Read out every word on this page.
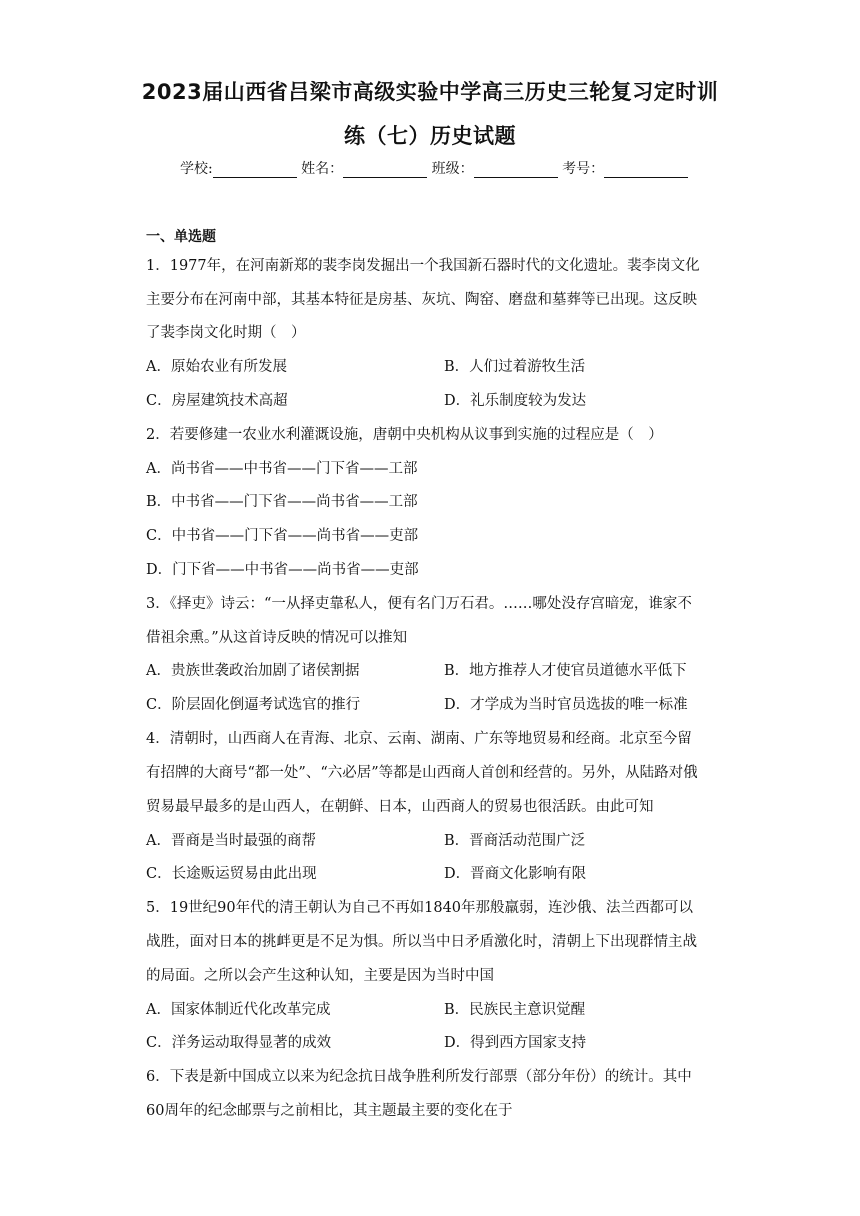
2023届山西省吕梁市高级实验中学高三历史三轮复习定时训
练（七）历史试题
学校:	姓名：	班级：	考号：
一、单选题
1．1977年，在河南新郑的裴李岗发掘出一个我国新石器时代的文化遗址。裴李岗文化
主要分布在河南中部，其基本特征是房基、灰坑、陶窑、磨盘和墓葬等已出现。这反映
了裴李岗文化时期（　）
A．原始农业有所发展	B．人们过着游牧生活
C．房屋建筑技术高超	D．礼乐制度较为发达
2．若要修建一农业水利灌溉设施，唐朝中央机构从议事到实施的过程应是（　）
A．尚书省——中书省——门下省——工部
B．中书省——门下省——尚书省——工部
C．中书省——门下省——尚书省——吏部
D．门下省——中书省——尚书省——吏部
3．《择吏》诗云：“一从择吏靠私人，便有名门万石君。……哪处没存宫暗宠，谁家不
借祖余熏。”从这首诗反映的情况可以推知
A．贵族世袭政治加剧了诸侯割据	B．地方推荐人才使官员道德水平低下
C．阶层固化倒逼考试选官的推行	D．才学成为当时官员选拔的唯一标准
4．清朝时，山西商人在青海、北京、云南、湖南、广东等地贸易和经商。北京至今留
有招牌的大商号“都一处”、“六必居”等都是山西商人首创和经营的。另外，从陆路对俄
贸易最早最多的是山西人，在朝鲜、日本，山西商人的贸易也很活跃。由此可知
A．晋商是当时最强的商帮	B．晋商活动范围广泛
C．长途贩运贸易由此出现	D．晋商文化影响有限
5．19世纪90年代的清王朝认为自己不再如1840年那般羸弱，连沙俄、法兰西都可以
战胜，面对日本的挑衅更是不足为惧。所以当中日矛盾激化时，清朝上下出现群情主战
的局面。之所以会产生这种认知，主要是因为当时中国
A．国家体制近代化改革完成	B．民族民主意识觉醒
C．洋务运动取得显著的成效	D．得到西方国家支持
6．下表是新中国成立以来为纪念抗日战争胜利所发行部票（部分年份）的统计。其中
60周年的纪念邮票与之前相比，其主题最主要的变化在于
